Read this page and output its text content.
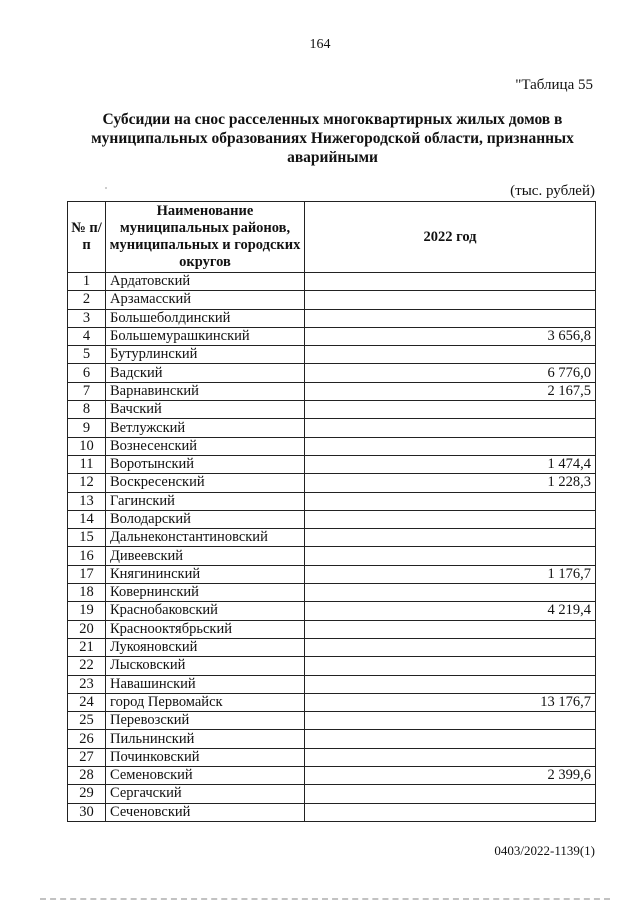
164
"Таблица 55
Субсидии на снос расселенных многоквартирных жилых домов в муниципальных образованиях Нижегородской области, признанных аварийными
(тыс. рублей)
№ п/п	Наименование муниципальных районов, муниципальных и городских округов	2022 год
1	Ардатовский	
2	Арзамасский	
3	Большеболдинский	
4	Большемурашкинский	3 656,8
5	Бутурлинский	
6	Вадский	6 776,0
7	Варнавинский	2 167,5
8	Вачский	
9	Ветлужский	
10	Вознесенский	
11	Воротынский	1 474,4
12	Воскресенский	1 228,3
13	Гагинский	
14	Володарский	
15	Дальнеконстантиновский	
16	Дивеевский	
17	Княгининский	1 176,7
18	Ковернинский	
19	Краснобаковский	4 219,4
20	Краснооктябрьский	
21	Лукояновский	
22	Лысковский	
23	Навашинский	
24	город Первомайск	13 176,7
25	Перевозский	
26	Пильнинский	
27	Починковский	
28	Семеновский	2 399,6
29	Сергачский	
30	Сеченовский	
0403/2022-1139(1)
